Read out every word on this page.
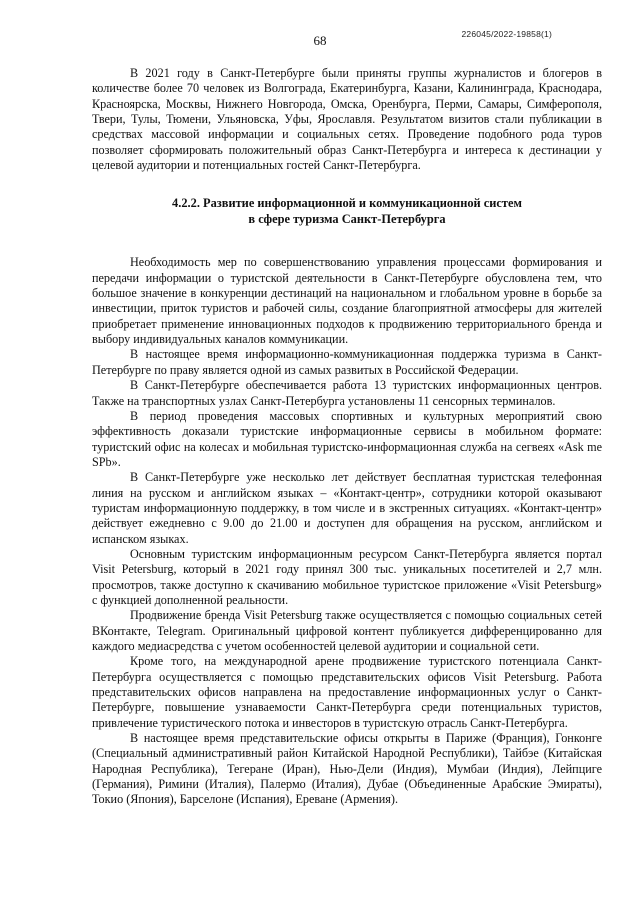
226045/2022-19858(1)
68

В 2021 году в Санкт-Петербурге были приняты группы журналистов и блогеров в количестве более 70 человек из Волгограда, Екатеринбурга, Казани, Калининграда, Краснодара, Красноярска, Москвы, Нижнего Новгорода, Омска, Оренбурга, Перми, Самары, Симферополя, Твери, Тулы, Тюмени, Ульяновска, Уфы, Ярославля. Результатом визитов стали публикации в средствах массовой информации и социальных сетях. Проведение подобного рода туров позволяет сформировать положительный образ Санкт-Петербурга и интереса к дестинации у целевой аудитории и потенциальных гостей Санкт-Петербурга.

4.2.2. Развитие информационной и коммуникационной систем
в сфере туризма Санкт-Петербурга

Необходимость мер по совершенствованию управления процессами формирования и передачи информации о туристской деятельности в Санкт-Петербурге обусловлена тем, что большое значение в конкуренции дестинаций на национальном и глобальном уровне в борьбе за инвестиции, приток туристов и рабочей силы, создание благоприятной атмосферы для жителей приобретает применение инновационных подходов к продвижению территориального бренда и выбору индивидуальных каналов коммуникации.

В настоящее время информационно-коммуникационная поддержка туризма в Санкт-Петербурге по праву является одной из самых развитых в Российской Федерации.

В Санкт-Петербурге обеспечивается работа 13 туристских информационных центров. Также на транспортных узлах Санкт-Петербурга установлены 11 сенсорных терминалов.

В период проведения массовых спортивных и культурных мероприятий свою эффективность доказали туристские информационные сервисы в мобильном формате: туристский офис на колесах и мобильная туристско-информационная служба на сегвеях «Ask me SPb».

В Санкт-Петербурге уже несколько лет действует бесплатная туристская телефонная линия на русском и английском языках – «Контакт-центр», сотрудники которой оказывают туристам информационную поддержку, в том числе и в экстренных ситуациях. «Контакт-центр» действует ежедневно с 9.00 до 21.00 и доступен для обращения на русском, английском и испанском языках.

Основным туристским информационным ресурсом Санкт-Петербурга является портал Visit Petersburg, который в 2021 году принял 300 тыс. уникальных посетителей и 2,7 млн. просмотров, также доступно к скачиванию мобильное туристское приложение «Visit Petersburg» с функцией дополненной реальности.

Продвижение бренда Visit Petersburg также осуществляется с помощью социальных сетей ВКонтакте, Telegram. Оригинальный цифровой контент публикуется дифференцированно для каждого медиасредства с учетом особенностей целевой аудитории и социальной сети.

Кроме того, на международной арене продвижение туристского потенциала Санкт-Петербурга осуществляется с помощью представительских офисов Visit Petersburg. Работа представительских офисов направлена на предоставление информационных услуг о Санкт-Петербурге, повышение узнаваемости Санкт-Петербурга среди потенциальных туристов, привлечение туристического потока и инвесторов в туристскую отрасль Санкт-Петербурга.

В настоящее время представительские офисы открыты в Париже (Франция), Гонконге (Специальный административный район Китайской Народной Республики), Тайбэе (Китайская Народная Республика), Тегеране (Иран), Нью-Дели (Индия), Мумбаи (Индия), Лейпциге (Германия), Римини (Италия), Палермо (Италия), Дубае (Объединенные Арабские Эмираты), Токио (Япония), Барселоне (Испания), Ереване (Армения).
